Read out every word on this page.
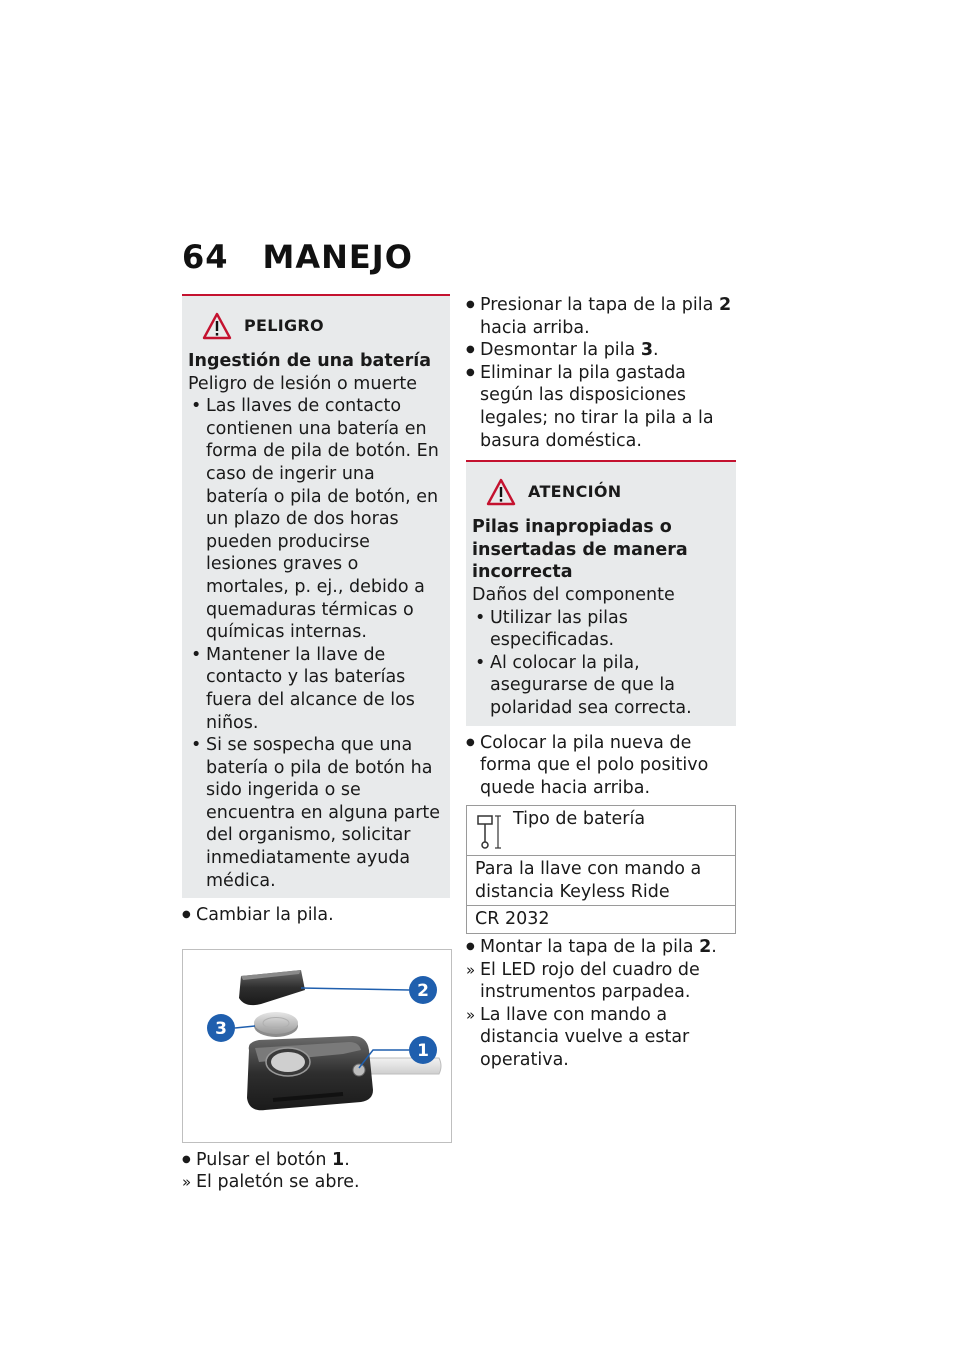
64 MANEJO
PELIGRO
Ingestión de una batería
Peligro de lesión o muerte
• Las llaves de contacto contienen una batería en forma de pila de botón. En caso de ingerir una batería o pila de botón, en un plazo de dos horas pueden producirse lesiones graves o mortales, p. ej., debido a quemaduras térmicas o químicas internas.
• Mantener la llave de contacto y las baterías fuera del alcance de los niños.
• Si se sospecha que una batería o pila de botón ha sido ingerida o se encuentra en alguna parte del organismo, solicitar inmediatamente ayuda médica.
● Cambiar la pila.
2
3
1
● Pulsar el botón 1.
» El paletón se abre.
● Presionar la tapa de la pila 2 hacia arriba.
● Desmontar la pila 3.
● Eliminar la pila gastada según las disposiciones legales; no tirar la pila a la basura doméstica.
ATENCIÓN
Pilas inapropiadas o insertadas de manera incorrecta
Daños del componente
• Utilizar las pilas especificadas.
• Al colocar la pila, asegurarse de que la polaridad sea correcta.
● Colocar la pila nueva de forma que el polo positivo quede hacia arriba.
Tipo de batería

Para la llave con mando a distancia Keyless Ride
CR 2032
● Montar la tapa de la pila 2.
» El LED rojo del cuadro de instrumentos parpadea.
» La llave con mando a distancia vuelve a estar operativa.
